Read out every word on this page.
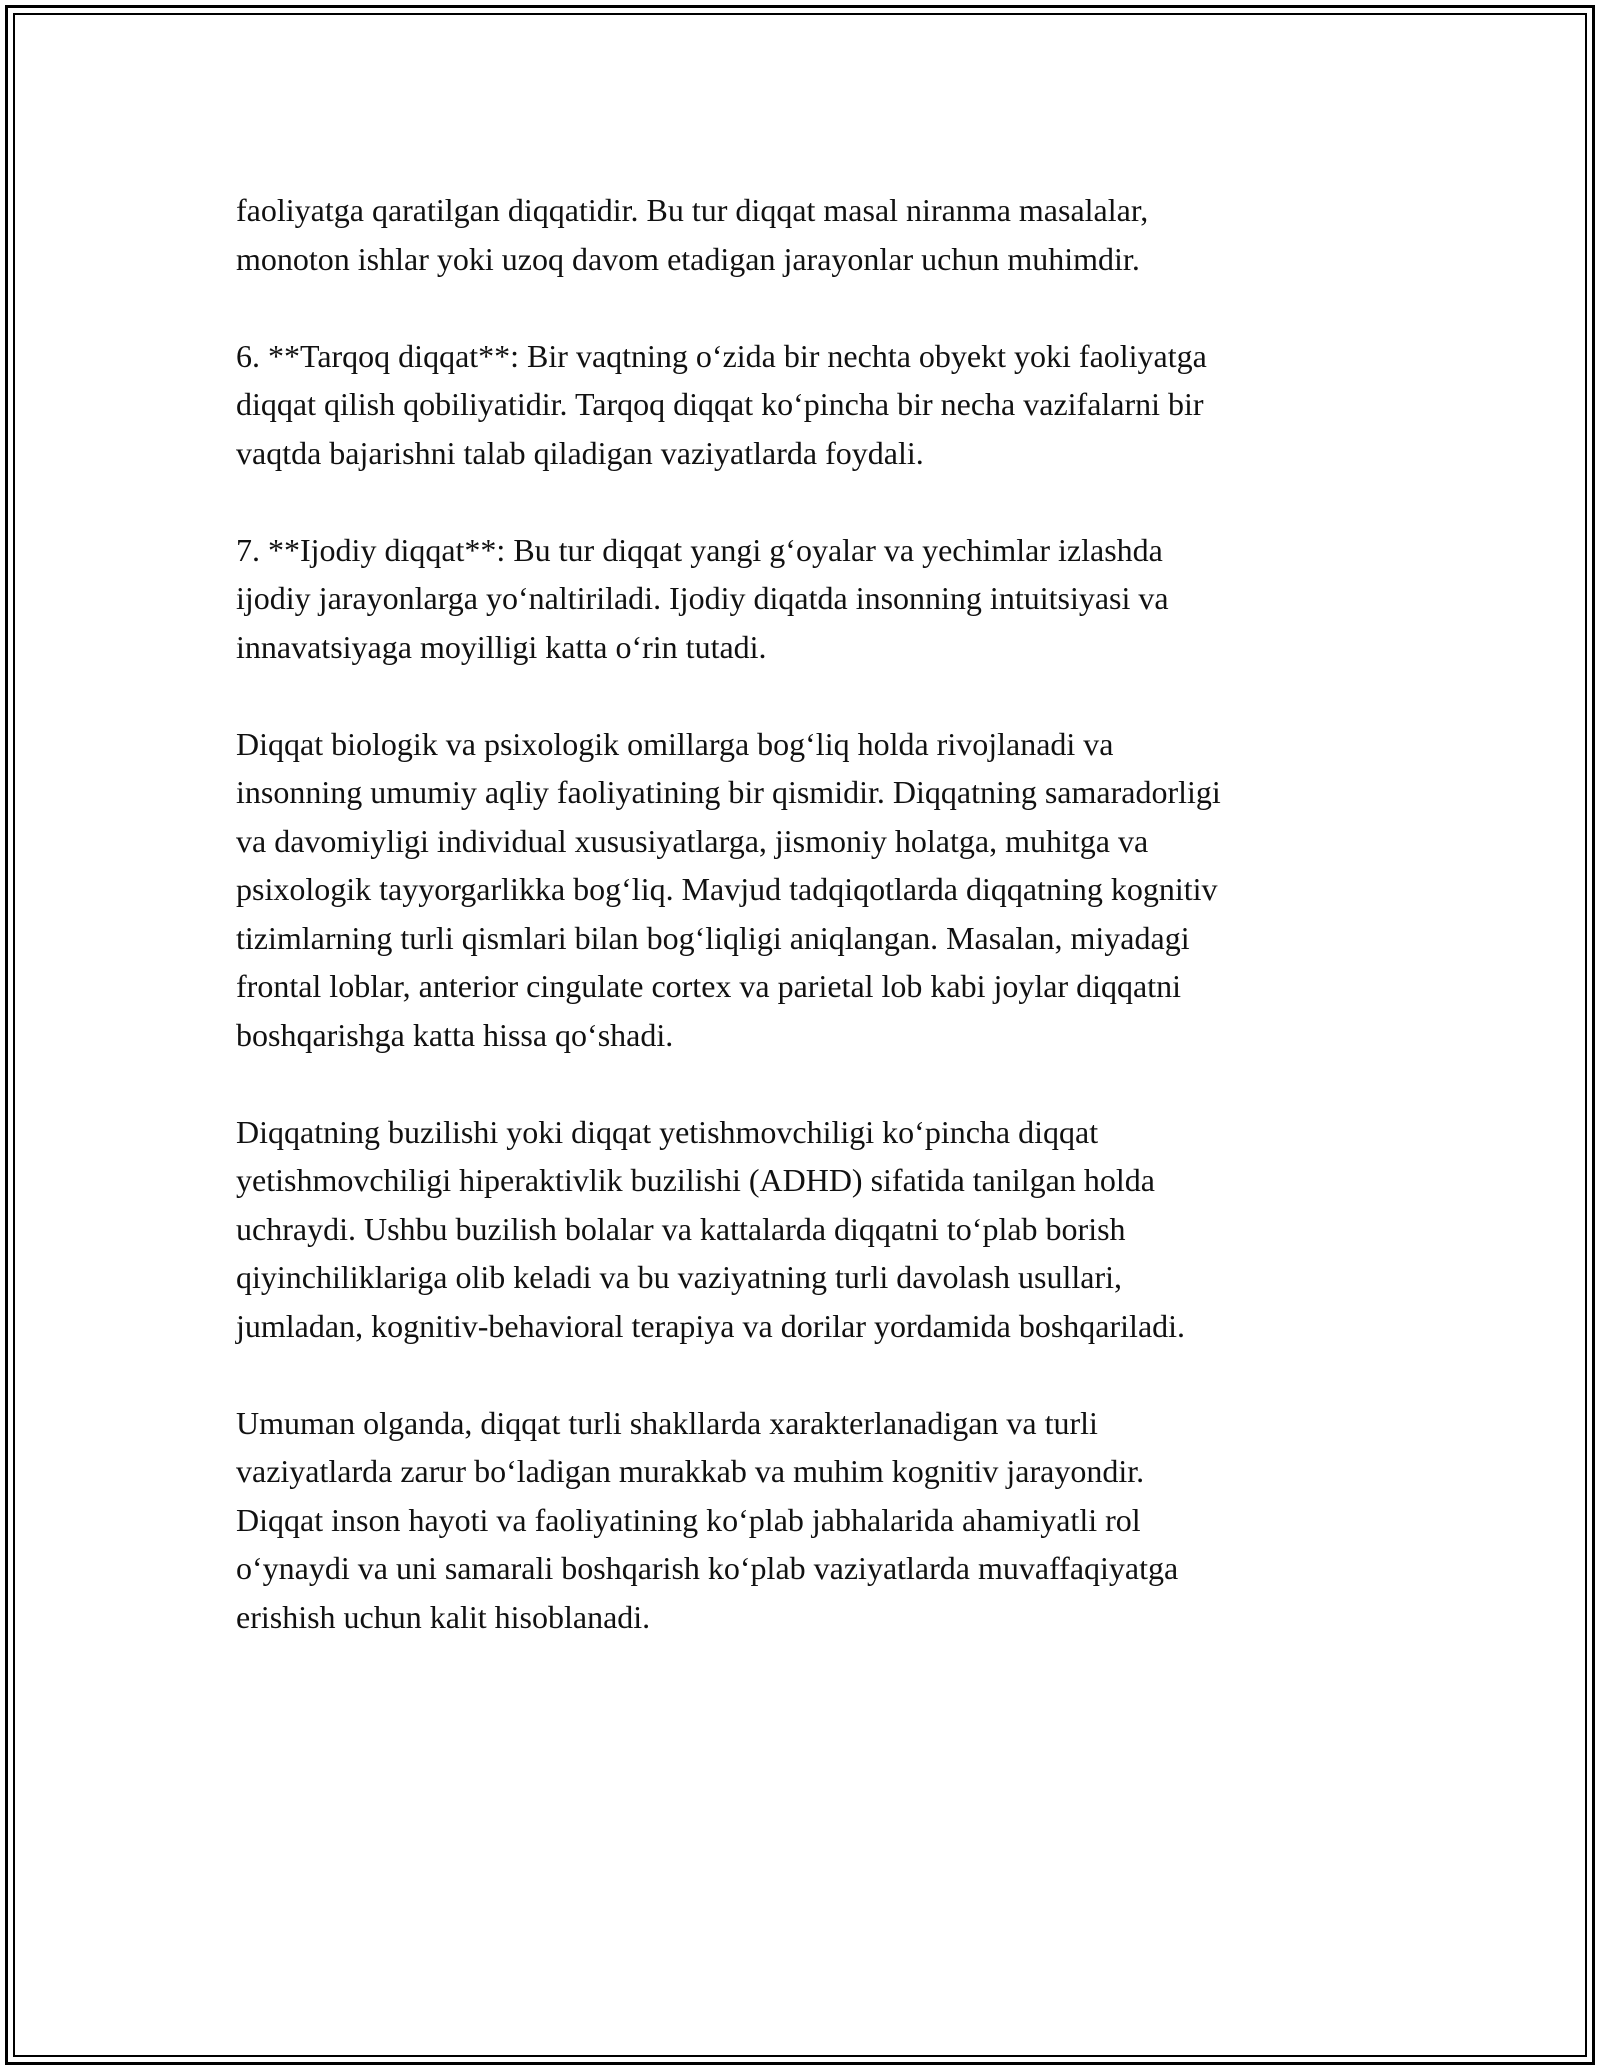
faoliyatga qaratilgan diqqatidir. Bu tur diqqat masal niranma masalalar,
monoton ishlar yoki uzoq davom etadigan jarayonlar uchun muhimdir.

6. **Tarqoq diqqat**: Bir vaqtning o‘zida bir nechta obyekt yoki faoliyatga
diqqat qilish qobiliyatidir. Tarqoq diqqat ko‘pincha bir necha vazifalarni bir
vaqtda bajarishni talab qiladigan vaziyatlarda foydali.

7. **Ijodiy diqqat**: Bu tur diqqat yangi g‘oyalar va yechimlar izlashda
ijodiy jarayonlarga yo‘naltiriladi. Ijodiy diqatda insonning intuitsiyasi va
innavatsiyaga moyilligi katta o‘rin tutadi.

Diqqat biologik va psixologik omillarga bog‘liq holda rivojlanadi va
insonning umumiy aqliy faoliyatining bir qismidir. Diqqatning samaradorligi
va davomiyligi individual xususiyatlarga, jismoniy holatga, muhitga va
psixologik tayyorgarlikka bog‘liq. Mavjud tadqiqotlarda diqqatning kognitiv
tizimlarning turli qismlari bilan bog‘liqligi aniqlangan. Masalan, miyadagi
frontal loblar, anterior cingulate cortex va parietal lob kabi joylar diqqatni
boshqarishga katta hissa qo‘shadi.

Diqqatning buzilishi yoki diqqat yetishmovchiligi ko‘pincha diqqat
yetishmovchiligi hiperaktivlik buzilishi (ADHD) sifatida tanilgan holda
uchraydi. Ushbu buzilish bolalar va kattalarda diqqatni to‘plab borish
qiyinchiliklariga olib keladi va bu vaziyatning turli davolash usullari,
jumladan, kognitiv-behavioral terapiya va dorilar yordamida boshqariladi.

Umuman olganda, diqqat turli shakllarda xarakterlanadigan va turli
vaziyatlarda zarur bo‘ladigan murakkab va muhim kognitiv jarayondir.
Diqqat inson hayoti va faoliyatining ko‘plab jabhalarida ahamiyatli rol
o‘ynaydi va uni samarali boshqarish ko‘plab vaziyatlarda muvaffaqiyatga
erishish uchun kalit hisoblanadi.
